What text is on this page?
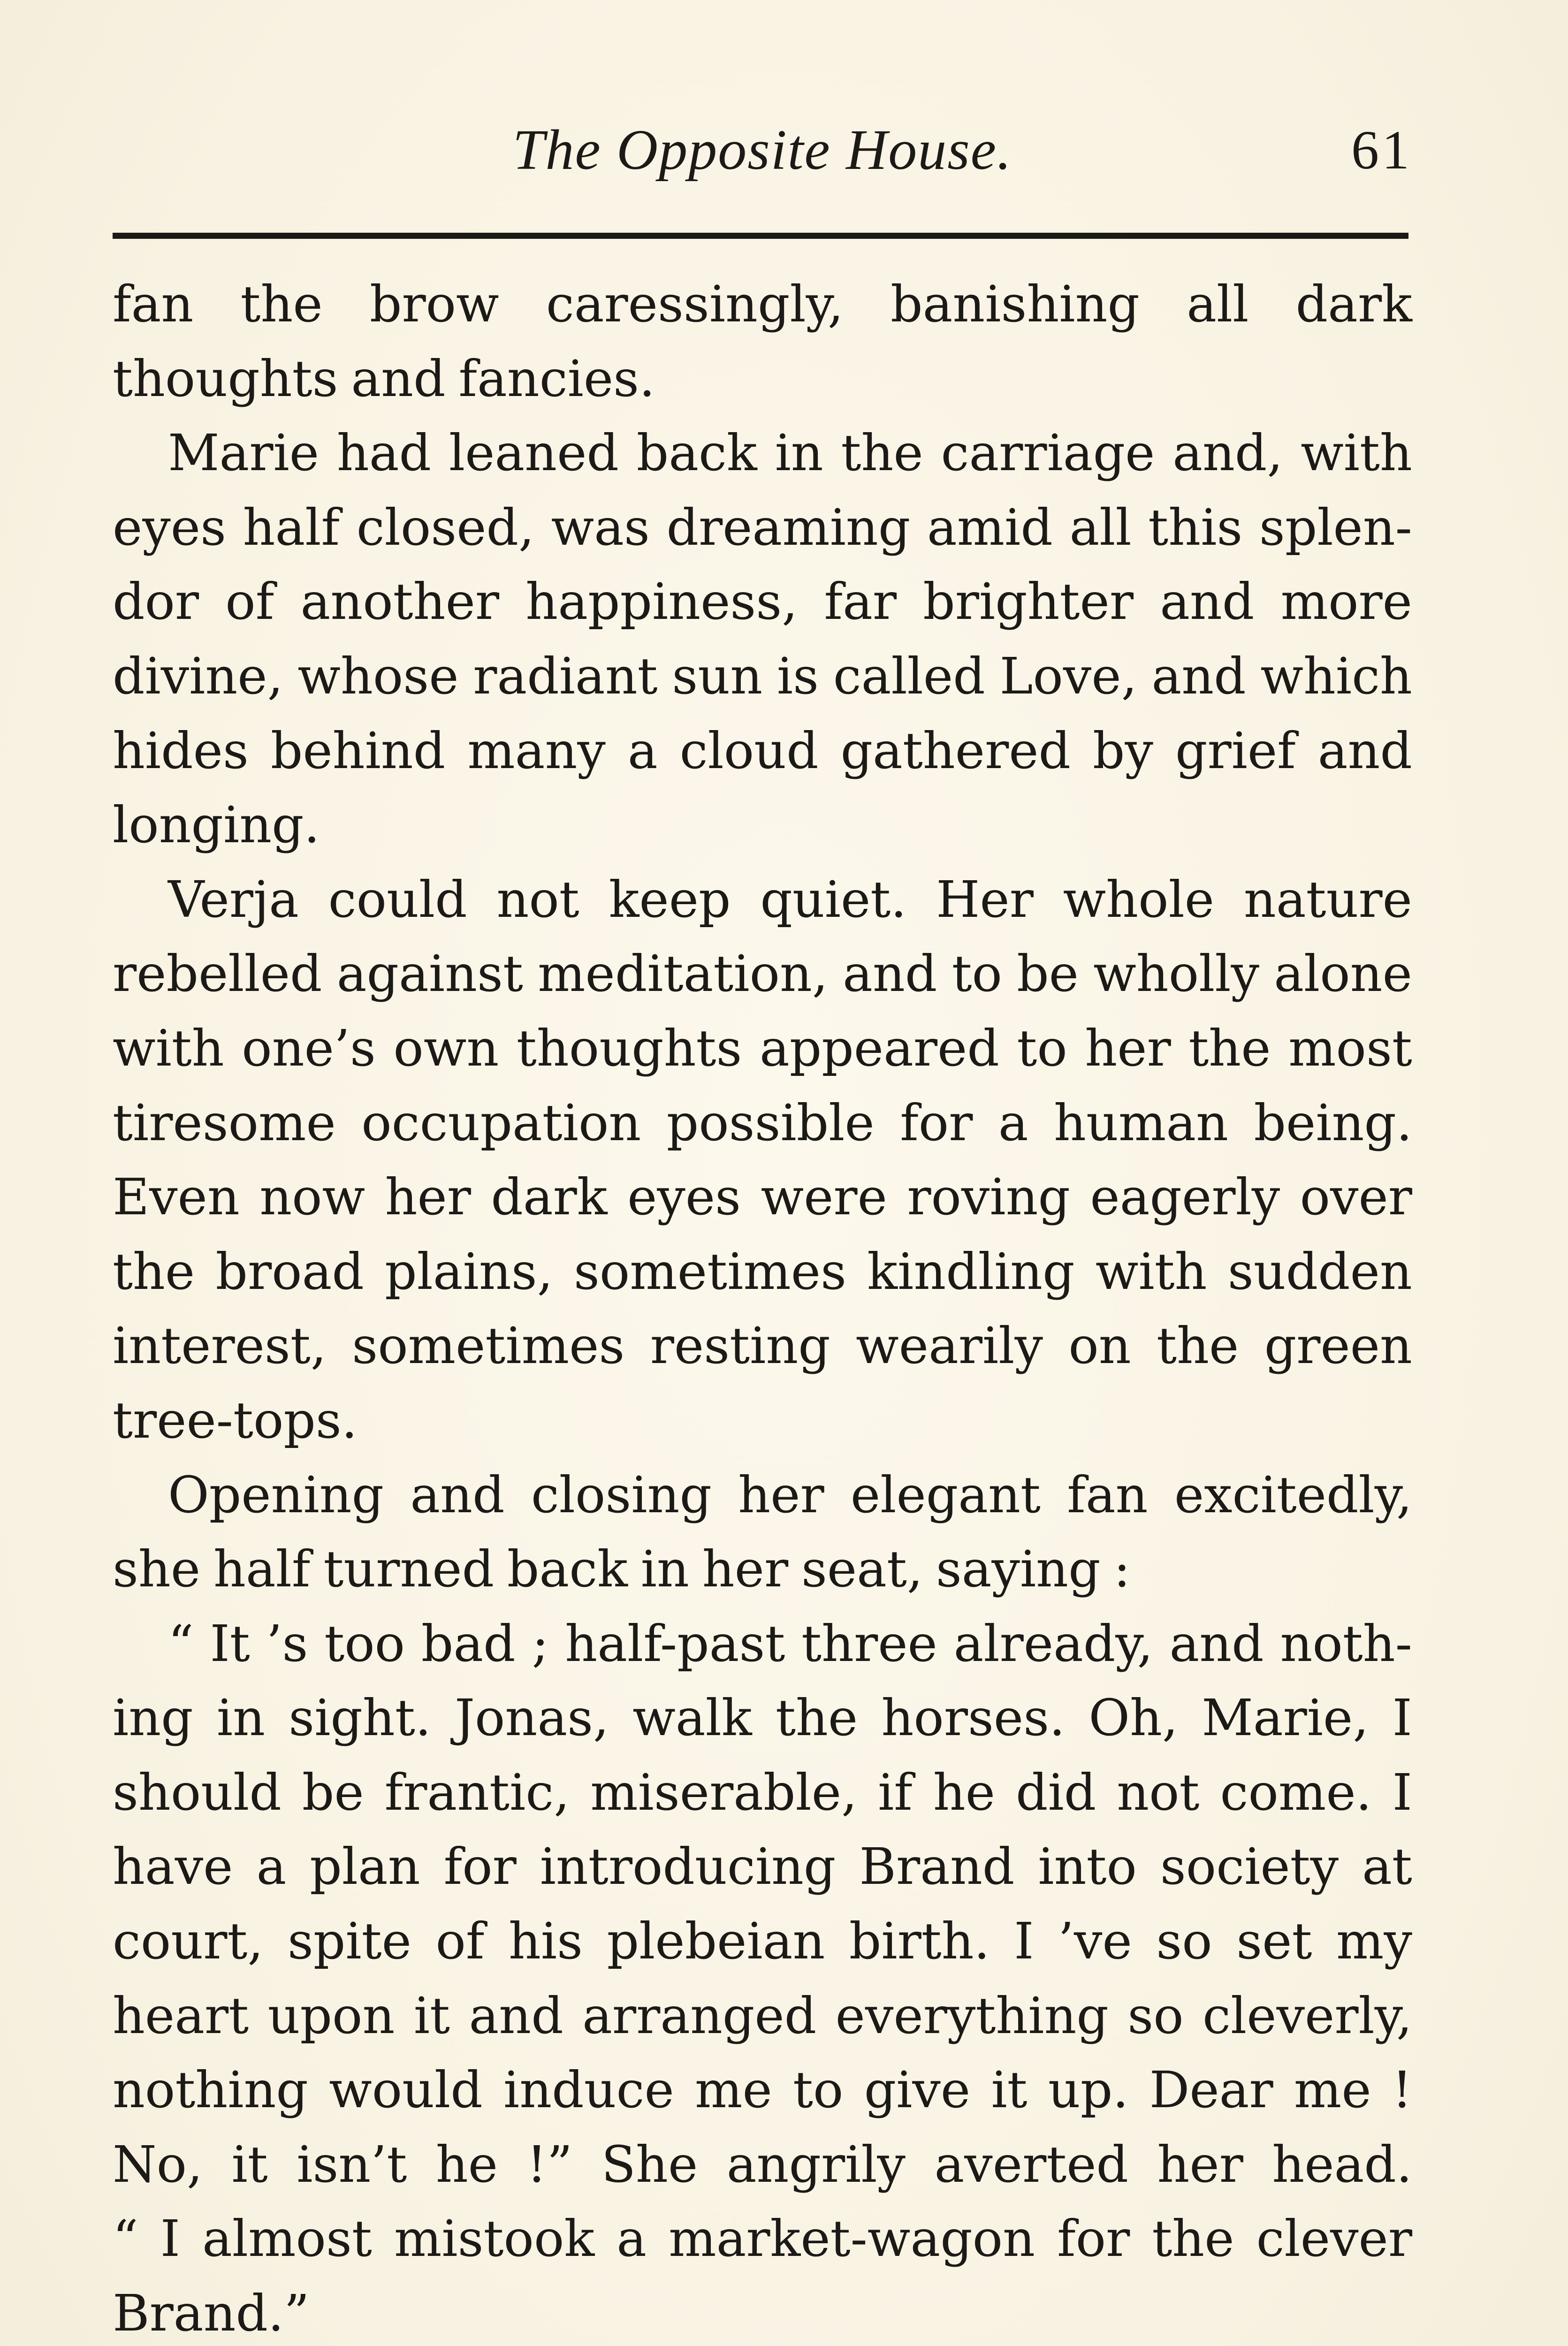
The Opposite House.	61
fan the brow caressingly, banishing all dark
thoughts and fancies.
Marie had leaned back in the carriage and, with
eyes half closed, was dreaming amid all this splen-
dor of another happiness, far brighter and more
divine, whose radiant sun is called Love, and which
hides behind many a cloud gathered by grief and
longing.
Verja could not keep quiet. Her whole nature
rebelled against meditation, and to be wholly alone
with one’s own thoughts appeared to her the most
tiresome occupation possible for a human being.
Even now her dark eyes were roving eagerly over
the broad plains, sometimes kindling with sudden
interest, sometimes resting wearily on the green
tree-tops.
Opening and closing her elegant fan excitedly,
she half turned back in her seat, saying :
“ It ’s too bad ; half-past three already, and noth-
ing in sight. Jonas, walk the horses. Oh, Marie, I
should be frantic, miserable, if he did not come. I
have a plan for introducing Brand into society at
court, spite of his plebeian birth. I ’ve so set my
heart upon it and arranged everything so cleverly,
nothing would induce me to give it up. Dear me !
No, it isn’t he !” She angrily averted her head.
“ I almost mistook a market-wagon for the clever
Brand.”
